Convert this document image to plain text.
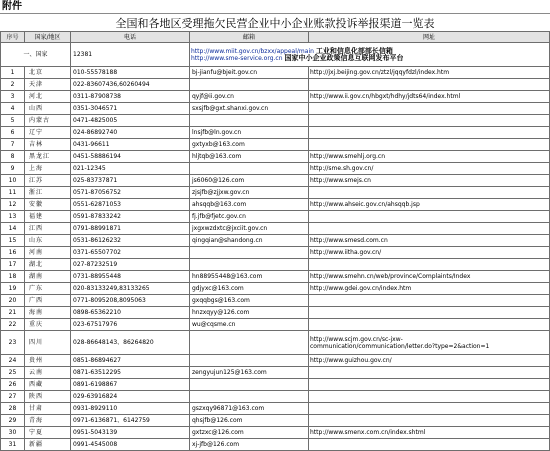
附件
全国和各地区受理拖欠民营企业中小企业账款投诉举报渠道一览表
序号	国家/地区	电话	邮箱	网址
一、国家		12381	http://www.miit.gov.cn/bzxx/appeal/main 工业和信息化部部长信箱
http://www.sme-service.org.cn 国家中小企业政策信息互联网发布平台	

1	北京	010-55578188	bj-jianfu@bjeit.gov.cn	http://jxj.beijing.gov.cn/ztzl/jqqyfdzl/index.htm
2	天津	022-83607436,60260494		
3	河北	0311-87908738	qyjf@ii.gov.cn	http://www.ii.gov.cn/hbgxt/hdhy/jdts64/index.html
4	山西	0351-3046571	sxsjfb@gxt.shanxi.gov.cn	
5	内蒙古	0471-4825005		
6	辽宁	024-86892740	lnsjfb@ln.gov.cn	
7	吉林	0431-96611	gxtyxb@163.com	
8	黑龙江	0451-58886194	hljtqb@163.com	http://www.smehlj.org.cn
9	上海	021-12345		http://sme.sh.gov.cn/
10	江苏	025-83737871	js6060@126.com	http://www.smejs.cn
11	浙江	0571-87056752	zjsjfb@zjjxw.gov.cn	
12	安徽	0551-62871053	ahsqqb@163.com	http://www.ahseic.gov.cn/ahsqqb.jsp
13	福建	0591-87833242	fj.jfb@fjetc.gov.cn	
14	江西	0791-88991871	jxgxwzdxtc@jxciit.gov.cn	
15	山东	0531-86126232	qingqian@shandong.cn	http://www.smesd.com.cn
16	河南	0371-65507702		http://www.iitha.gov.cn/
17	湖北	027-87232519		
18	湖南	0731-88955448	hn88955448@163.com	http://www.smehn.cn/web/province/Complaints/Index
19	广东	020-83133249,83133265	gdjyxc@163.com	http://www.gdei.gov.cn/index.htm
20	广西	0771-8095208,8095063	gxqqbgs@163.com	
21	海南	0898-65362210	hnzxqyy@126.com	
22	重庆	023-67517976	wu@cqsme.cn	
23	四川	028-86648143、86264820		http://www.scjm.gov.cn/sc-jxw-
communication/communication/letter.do?type=2&action=1

24	贵州	0851-86894627		http://www.guizhou.gov.cn/
25	云南	0871-63512295	zengyujun125@163.com	
26	西藏	0891-6198867		
27	陕西	029-63916824		
28	甘肃	0931-8929110	gszxqy96871@163.com	
29	青海	0971-6136871、6142759	qhsjfb@126.com	
30	宁夏	0951-5043139	gxtzxc@126.com	http://www.smenx.com.cn/index.shtml
31	新疆	0991-4545008	xj-jfb@126.com	
